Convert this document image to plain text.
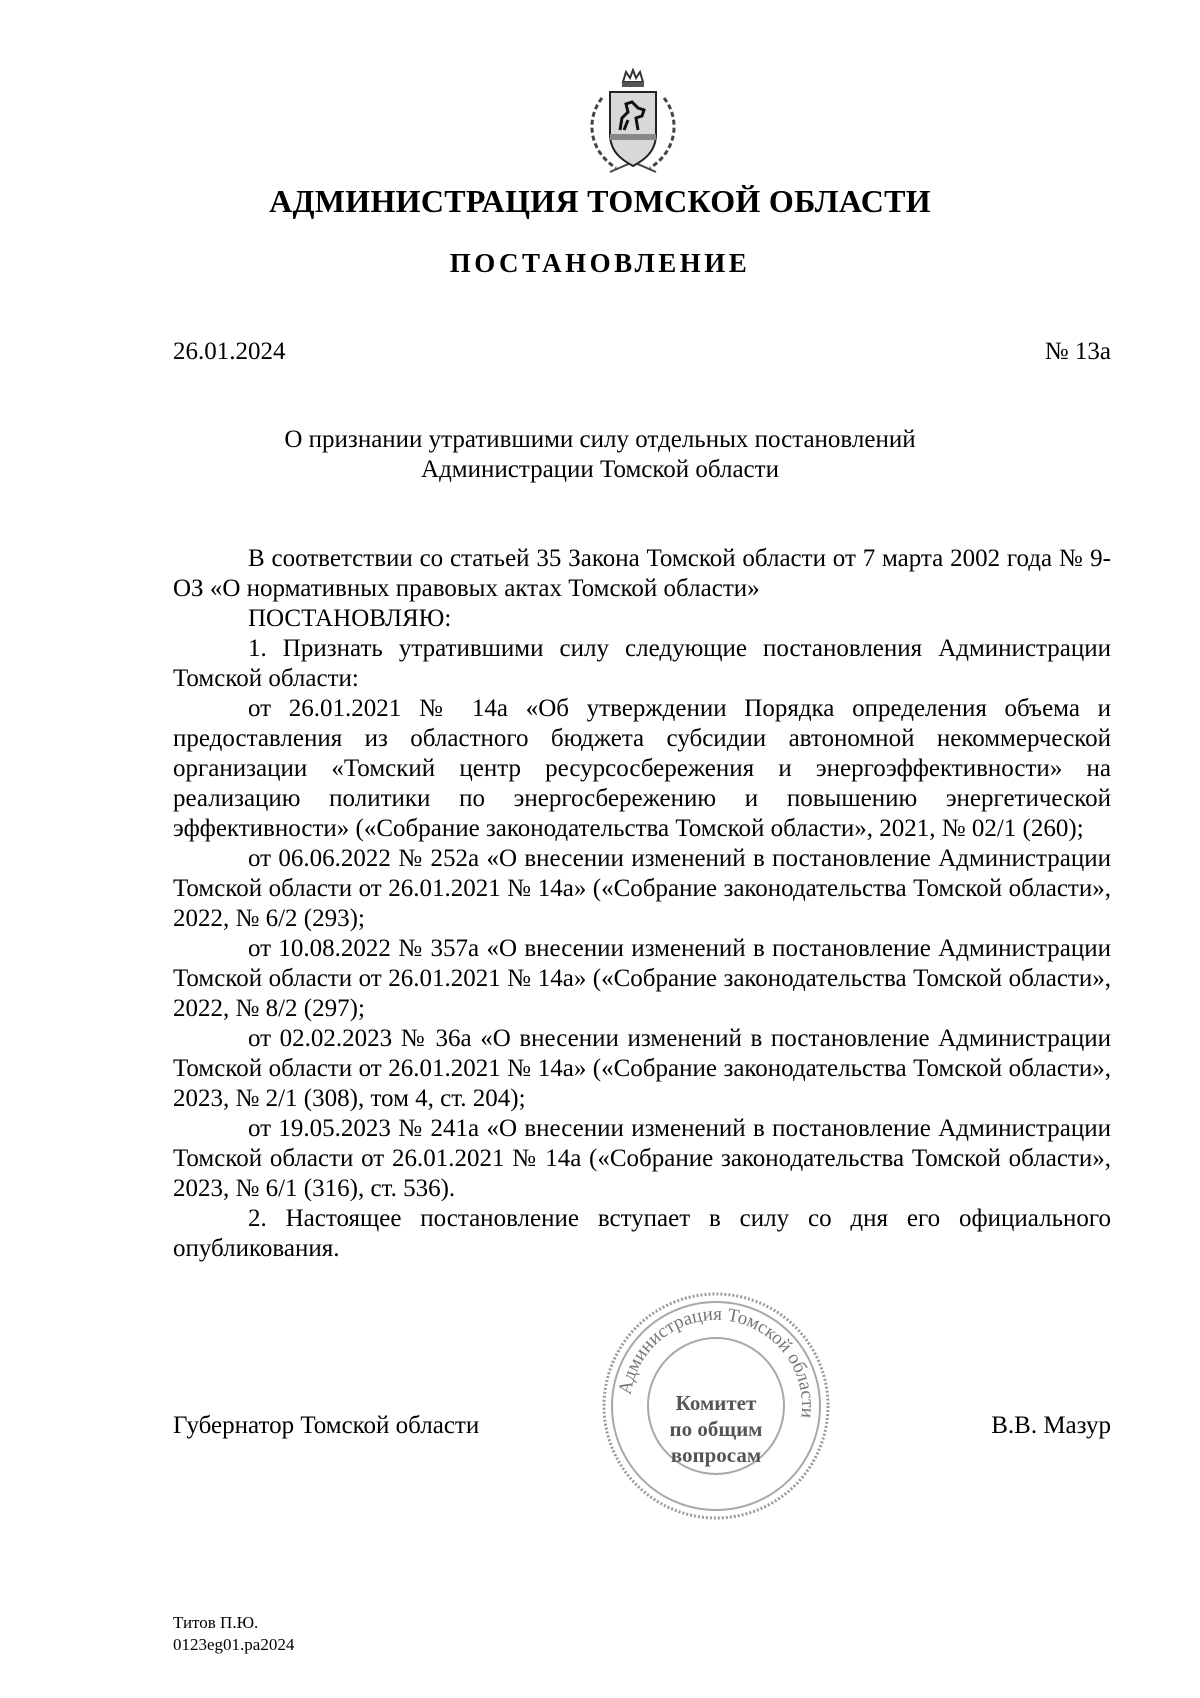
АДМИНИСТРАЦИЯ ТОМСКОЙ ОБЛАСТИ
ПОСТАНОВЛЕНИЕ
26.01.2024	№ 13а
О признании утратившими силу отдельных постановлений
Администрации Томской области

В соответствии со статьей 35 Закона Томской области от 7 марта 2002 года № 9-ОЗ «О нормативных правовых актах Томской области»

ПОСТАНОВЛЯЮ:

1. Признать утратившими силу следующие постановления Администрации Томской области:

от 26.01.2021 № 14а «Об утверждении Порядка определения объема и предоставления из областного бюджета субсидии автономной некоммерческой организации «Томский центр ресурсосбережения и энергоэффективности» на реализацию политики по энергосбережению и повышению энергетической эффективности» («Собрание законодательства Томской области», 2021, № 02/1 (260);

от 06.06.2022 № 252а «О внесении изменений в постановление Администрации Томской области от 26.01.2021 № 14а» («Собрание законодательства Томской области», 2022, № 6/2 (293);

от 10.08.2022 № 357а «О внесении изменений в постановление Администрации Томской области от 26.01.2021 № 14а» («Собрание законодательства Томской области», 2022, № 8/2 (297);

от 02.02.2023 № 36а «О внесении изменений в постановление Администрации Томской области от 26.01.2021 № 14а» («Собрание законодательства Томской области», 2023, № 2/1 (308), том 4, ст. 204);

от 19.05.2023 № 241а «О внесении изменений в постановление Администрации Томской области от 26.01.2021 № 14а («Собрание законодательства Томской области», 2023, № 6/1 (316), ст. 536).

2. Настоящее постановление вступает в силу со дня его официального опубликования.

Администрация Томской области
Комитет
по общим
вопросам
Губернатор Томской области	В.В. Мазур
Титов П.Ю.
0123eg01.ра2024
